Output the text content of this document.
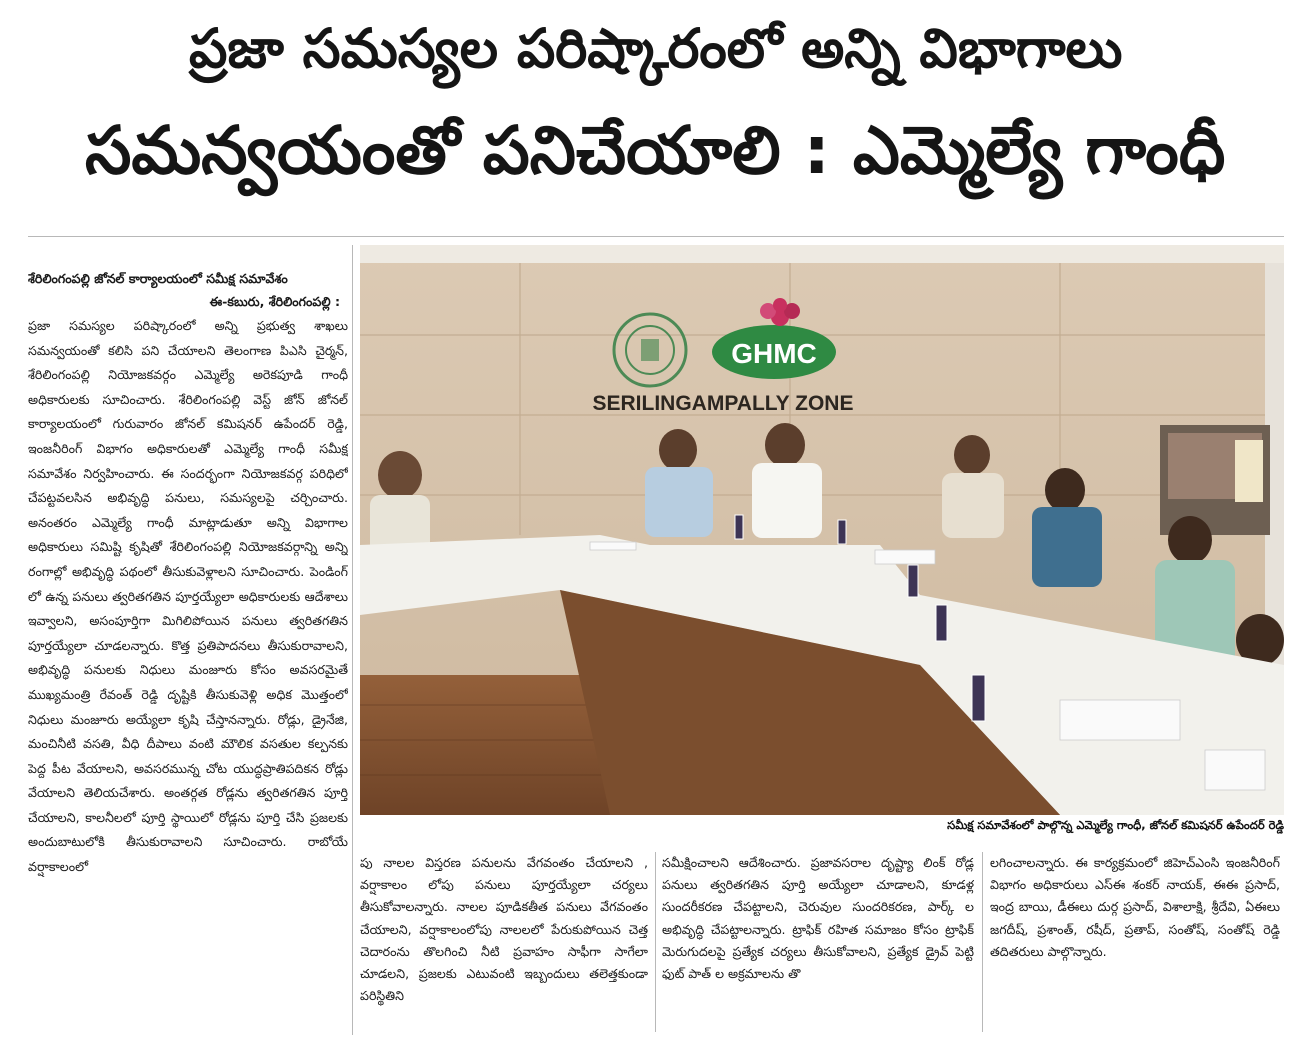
ప్రజా సమస్యల పరిష్కారంలో అన్ని విభాగాలు
సమన్వయంతో పనిచేయాలి : ఎమ్మెల్యే గాంధీ
శేరిలింగంపల్లి జోనల్ కార్యాలయంలో సమీక్ష సమావేశం
ఈ-కబురు, శేరిలింగంపల్లి :
ప్రజా సమస్యల పరిష్కారంలో అన్ని ప్రభుత్వ శాఖలు సమన్వయంతో కలిసి పని చేయాలని తెలంగాణ పిఎసి చైర్మన్, శేరిలింగంపల్లి నియోజకవర్గం ఎమ్మెల్యే అరెకపూడి గాంధీ అధికారులకు సూచించారు. శేరిలింగంపల్లి వెస్ట్ జోన్ జోనల్ కార్యాలయంలో గురువారం జోనల్ కమిషనర్ ఉపేందర్ రెడ్డి, ఇంజనీరింగ్ విభాగం అధికారులతో ఎమ్మెల్యే గాంధీ సమీక్ష సమావేశం నిర్వహించారు. ఈ సందర్భంగా నియోజకవర్గ పరిధిలో చేపట్టవలసిన అభివృద్ధి పనులు, సమస్యలపై చర్చించారు. అనంతరం ఎమ్మెల్యే గాంధీ మాట్లాడుతూ అన్ని విభాగాల అధికారులు సమిష్టి కృషితో శేరిలింగంపల్లి నియోజకవర్గాన్ని అన్ని రంగాల్లో అభివృద్ధి పథంలో తీసుకువెళ్లాలని సూచించారు. పెండింగ్ లో ఉన్న పనులు త్వరితగతిన పూర్తయ్యేలా అధికారులకు ఆదేశాలు ఇవ్వాలని, అసంపూర్తిగా మిగిలిపోయిన పనులు త్వరితగతిన పూర్తయ్యేలా చూడలన్నారు. కొత్త ప్రతిపాదనలు తీసుకురావాలని, అభివృద్ధి పనులకు నిధులు మంజూరు కోసం అవసరమైతే ముఖ్యమంత్రి రేవంత్ రెడ్డి దృష్టికి తీసుకువెళ్లి అధిక మొత్తంలో నిధులు మంజూరు అయ్యేలా కృషి చేస్తానన్నారు. రోడ్లు, డ్రైనేజి, మంచినీటి వసతి, వీధి దీపాలు వంటి మౌలిక వసతుల కల్పనకు పెద్ద పీట వేయాలని, అవసరమున్న చోట యుద్ధప్రాతిపదికన రోడ్లు వేయాలని తెలియచేశారు. అంతర్గత రోడ్లను త్వరితగతిన పూర్తి చేయాలని, కాలనీలలో పూర్తి స్థాయిలో రోడ్లను పూర్తి చేసి ప్రజలకు అందుబాటులోకి తీసుకురావాలని సూచించారు. రాబోయే వర్షాకాలంలో
GHMC
SERILINGAMPALLY ZONE
సమీక్ష సమావేశంలో పాల్గొన్న ఎమ్మెల్యే గాంధీ, జోనల్ కమిషనర్ ఉపేందర్ రెడ్డి
పు నాలల విస్తరణ పనులను వేగవంతం చేయాలని , వర్షాకాలం లోపు పనులు పూర్తయ్యేలా చర్యలు తీసుకోవాలన్నారు. నాలల పూడికతీత పనులు వేగవంతం చేయాలని, వర్షాకాలంలోపు నాలలలో పేరుకుపోయిన చెత్త చెదారంను తొలగించి నీటి ప్రవాహం సాఫీగా సాగేలా చూడలని, ప్రజలకు ఎటువంటి ఇబ్బందులు తలెత్తకుండా పరిస్థితిని
సమీక్షించాలని ఆదేశించారు. ప్రజావసరాల దృష్ట్యా లింక్ రోడ్ల పనులు త్వరితగతిన పూర్తి అయ్యేలా చూడాలని, కూడళ్ల సుందరీకరణ చేపట్టాలని, చెరువుల సుందరికరణ, పార్క్ ల అభివృద్ధి చేపట్టాలన్నారు. ట్రాఫిక్ రహిత సమాజం కోసం ట్రాఫిక్ మెరుగుదలపై ప్రత్యేక చర్యలు తీసుకోవాలని, ప్రత్యేక డ్రైవ్ పెట్టి ఫుట్ పాత్ ల అక్రమాలను తొ
లగించాలన్నారు. ఈ కార్యక్రమంలో జిహెచ్ఎంసి ఇంజనీరింగ్ విభాగం అధికారులు ఎస్ఈ శంకర్ నాయక్, ఈఈ ప్రసాద్, ఇంద్ర బాయి, డీఈలు దుర్గ ప్రసాద్, విశాలాక్షి, శ్రీదేవి, ఏఈలు జగదీష్, ప్రశాంత్, రషీద్, ప్రతాప్, సంతోష్, సంతోష్ రెడ్డి తదితరులు పాల్గొన్నారు.
